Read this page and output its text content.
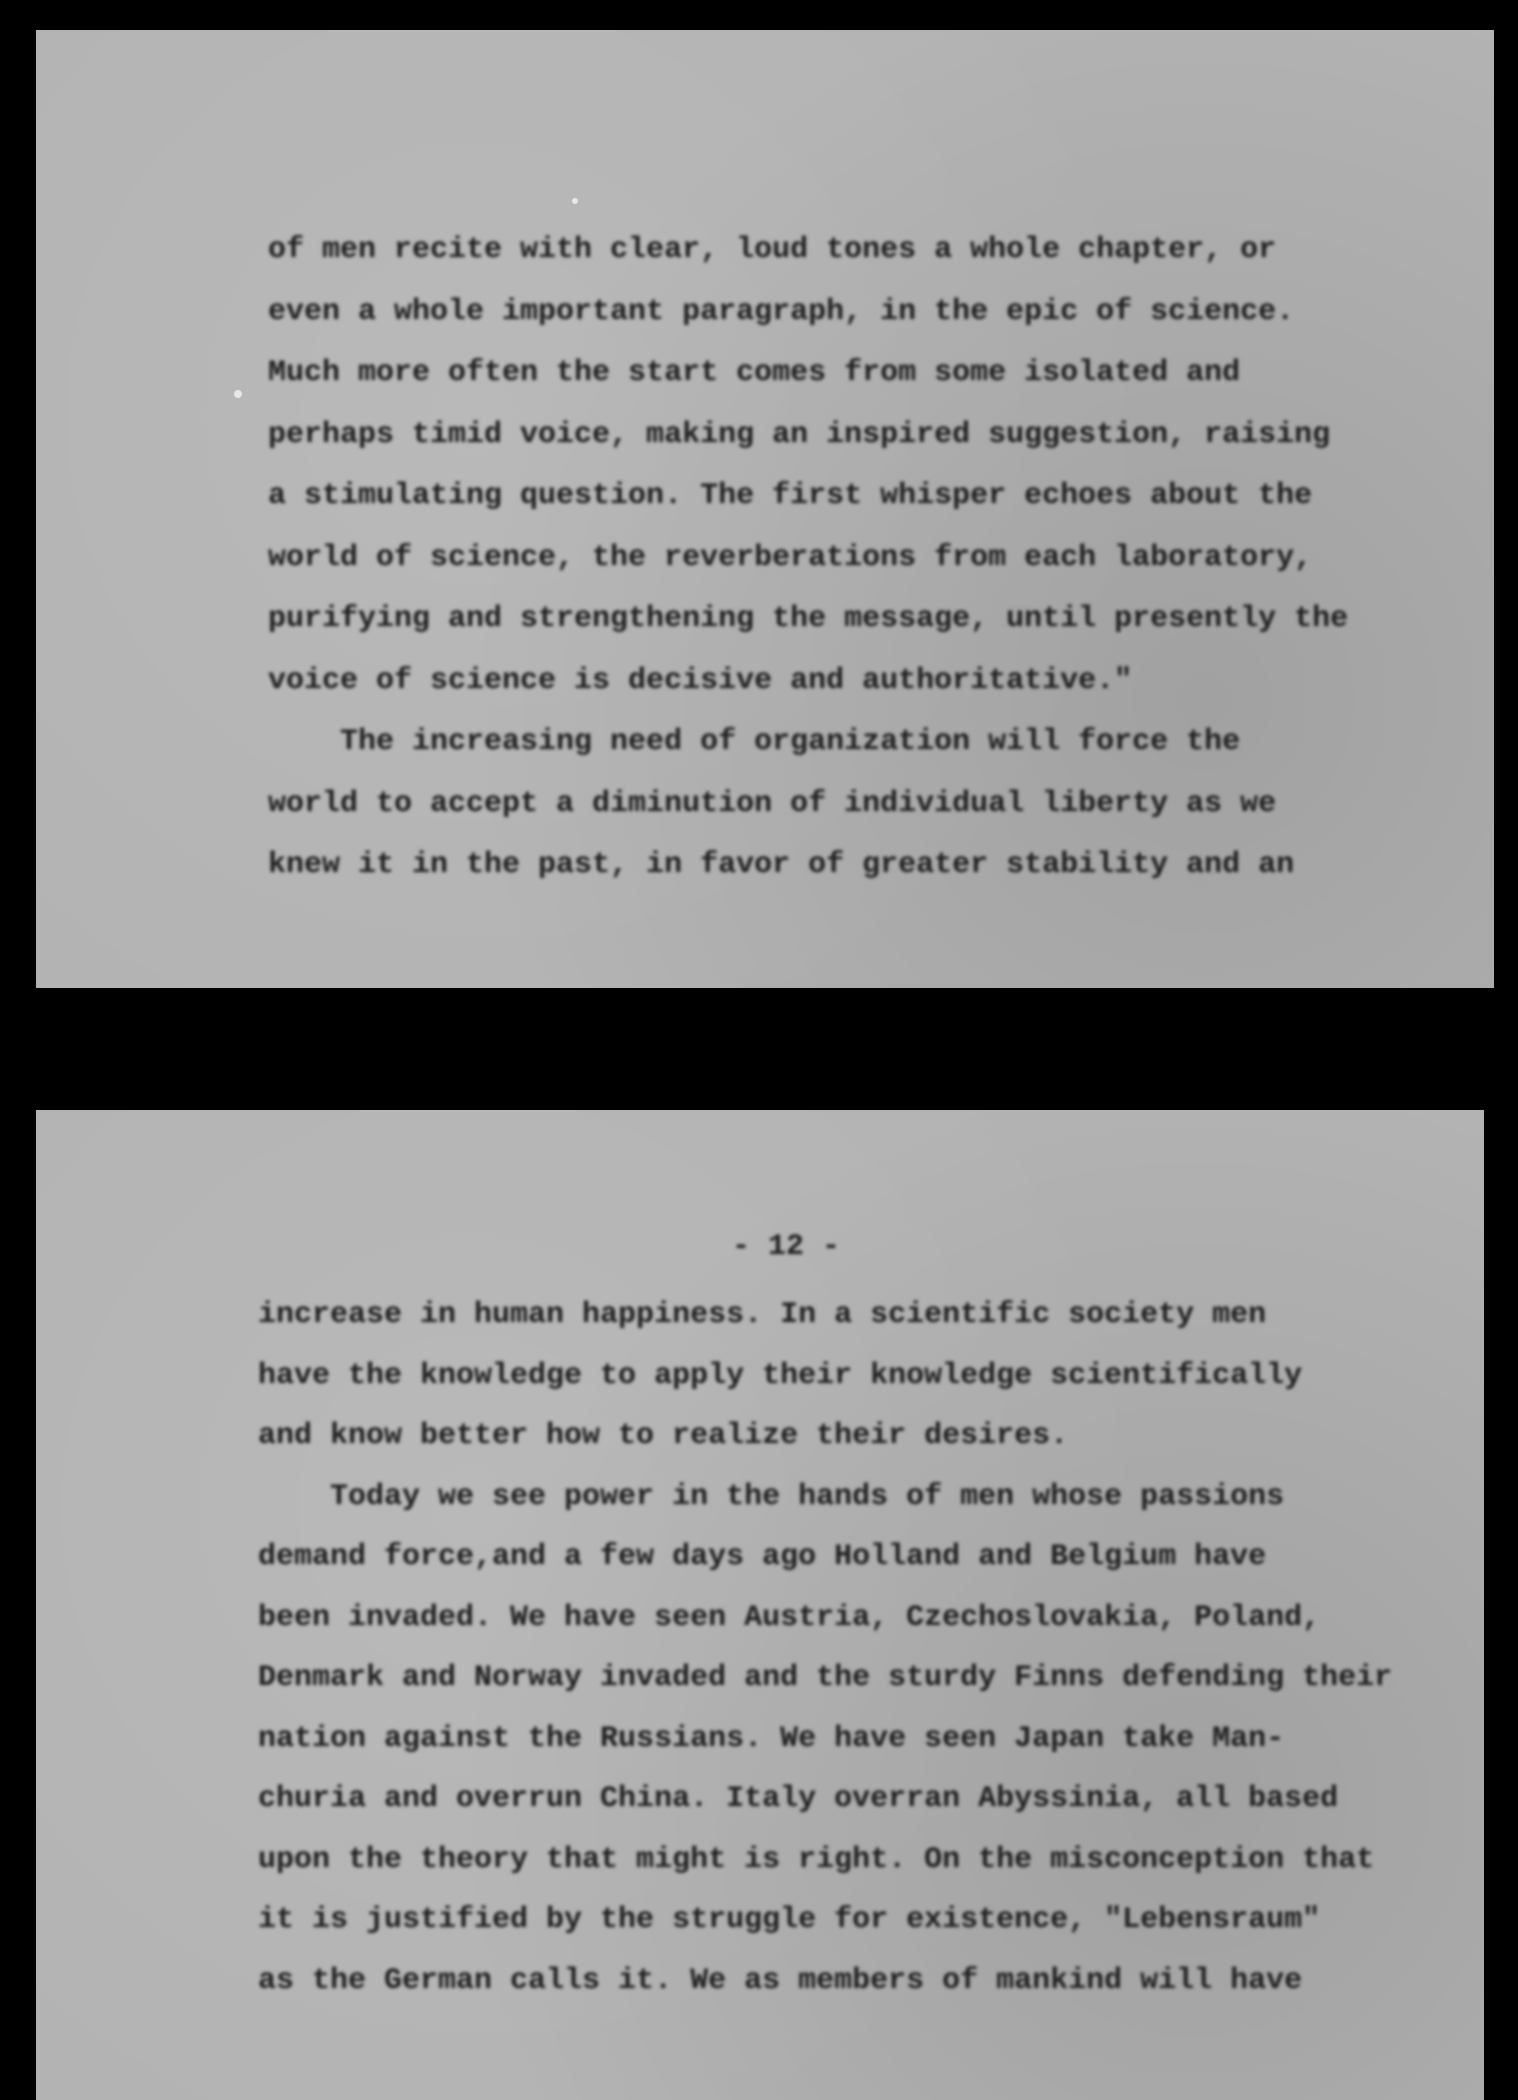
of men recite with clear, loud tones a whole chapter, or
even a whole important paragraph, in the epic of science.
Much more often the start comes from some isolated and
perhaps timid voice, making an inspired suggestion, raising
a stimulating question. The first whisper echoes about the
world of science, the reverberations from each laboratory,
purifying and strengthening the message, until presently the
voice of science is decisive and authoritative."
The increasing need of organization will force the
world to accept a diminution of individual liberty as we
knew it in the past, in favor of greater stability and an
- 12 -
increase in human happiness. In a scientific society men
have the knowledge to apply their knowledge scientifically
and know better how to realize their desires.
Today we see power in the hands of men whose passions
demand force,and a few days ago Holland and Belgium have
been invaded. We have seen Austria, Czechoslovakia, Poland,
Denmark and Norway invaded and the sturdy Finns defending their
nation against the Russians. We have seen Japan take Man-
churia and overrun China. Italy overran Abyssinia, all based
upon the theory that might is right. On the misconception that
it is justified by the struggle for existence, "Lebensraum"
as the German calls it. We as members of mankind will have
